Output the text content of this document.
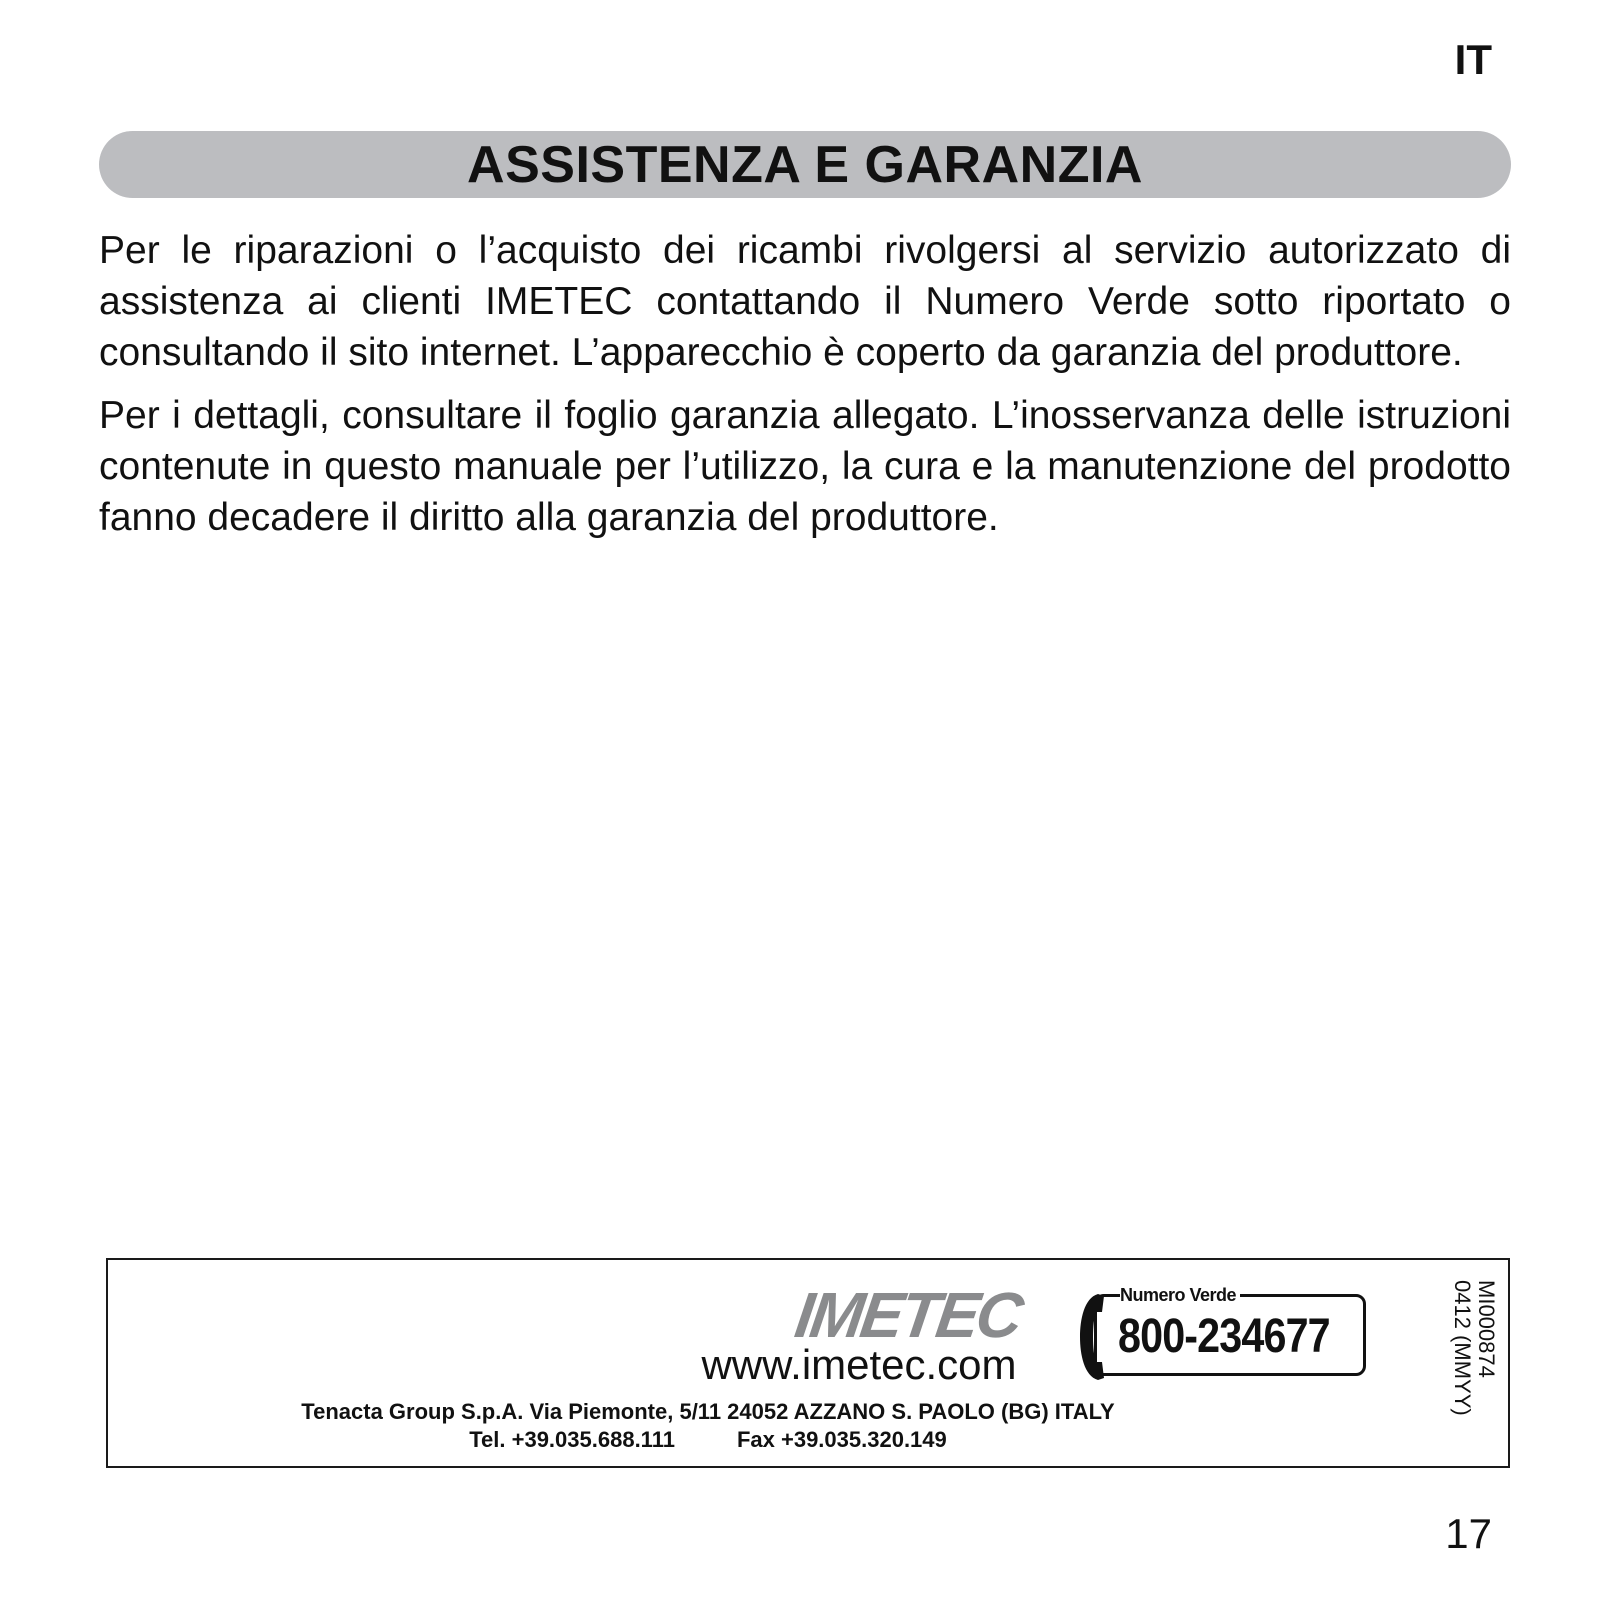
IT
ASSISTENZA E GARANZIA

Per le riparazioni o l’acquisto dei ricambi rivolgersi al servizio autorizzato di assistenza ai clienti IMETEC contattando il Numero Verde sotto riportato o consultando il sito internet. L’apparecchio è coperto da garanzia del produttore.

Per i dettagli, consultare il foglio garanzia allegato. L’inosservanza delle istruzioni contenute in questo manuale per l’utilizzo, la cura e la manutenzione del prodotto fanno decadere il diritto alla garanzia del produttore.

IMETEC
www.imetec.com
Numero Verde
800-234677	MI000874
0412 (MMYY)
Tenacta Group S.p.A. Via Piemonte, 5/11 24052 AZZANO S. PAOLO (BG) ITALY
Tel. +39.035.688.111	Fax +39.035.320.149
17
